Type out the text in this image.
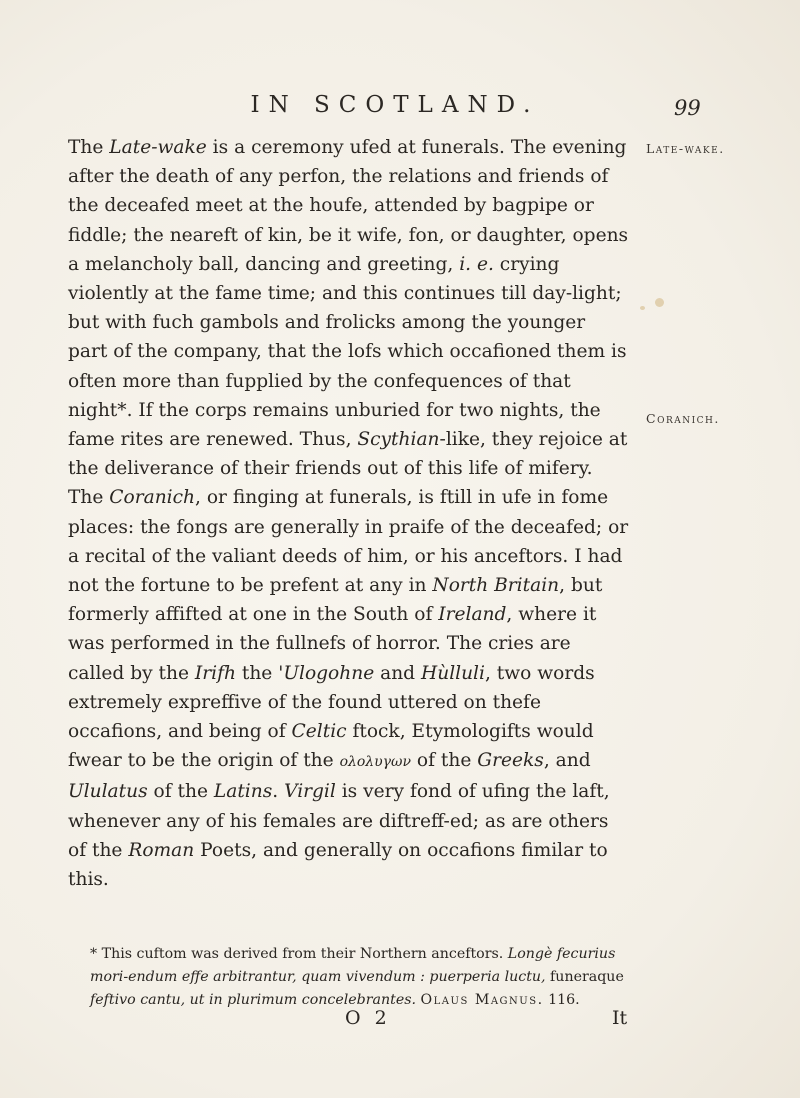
IN SCOTLAND.	99
Late-wake.
Coranich.

The Late-wake is a ceremony ufed at funerals. The evening after the death of any perfon, the relations and friends of the deceafed meet at the houfe, attended by bagpipe or fiddle; the neareft of kin, be it wife, fon, or daughter, opens a melancholy ball, dancing and greeting, i. e. crying violently at the fame time; and this continues till day-light; but with fuch gambols and frolicks among the younger part of the company, that the lofs which occafioned them is often more than fupplied by the confequences of that night*. If the corps remains unburied for two nights, the fame rites are renewed. Thus, Scythian-like, they rejoice at the deliverance of their friends out of this life of mifery.

The Coranich, or finging at funerals, is ftill in ufe in fome places: the fongs are generally in praife of the deceafed; or a recital of the valiant deeds of him, or his anceftors. I had not the fortune to be prefent at any in North Britain, but formerly affifted at one in the South of Ireland, where it was performed in the fullnefs of horror. The cries are called by the Irifh the 'Ulogohne and Hùlluli, two words extremely expreffive of the found uttered on thefe occafions, and being of Celtic ftock, Etymologifts would fwear to be the origin of the ολολυγων of the Greeks, and Ululatus of the Latins. Virgil is very fond of ufing the laft, whenever any of his females are diftreff-ed; as are others of the Roman Poets, and generally on occafions fimilar to this.

* This cuftom was derived from their Northern anceftors. Longè fecurius mori-endum effe arbitrantur, quam vivendum : puerperia luctu, funeraque feftivo cantu, ut in plurimum concelebrantes. Olaus Magnus. 116.
O 2	It
